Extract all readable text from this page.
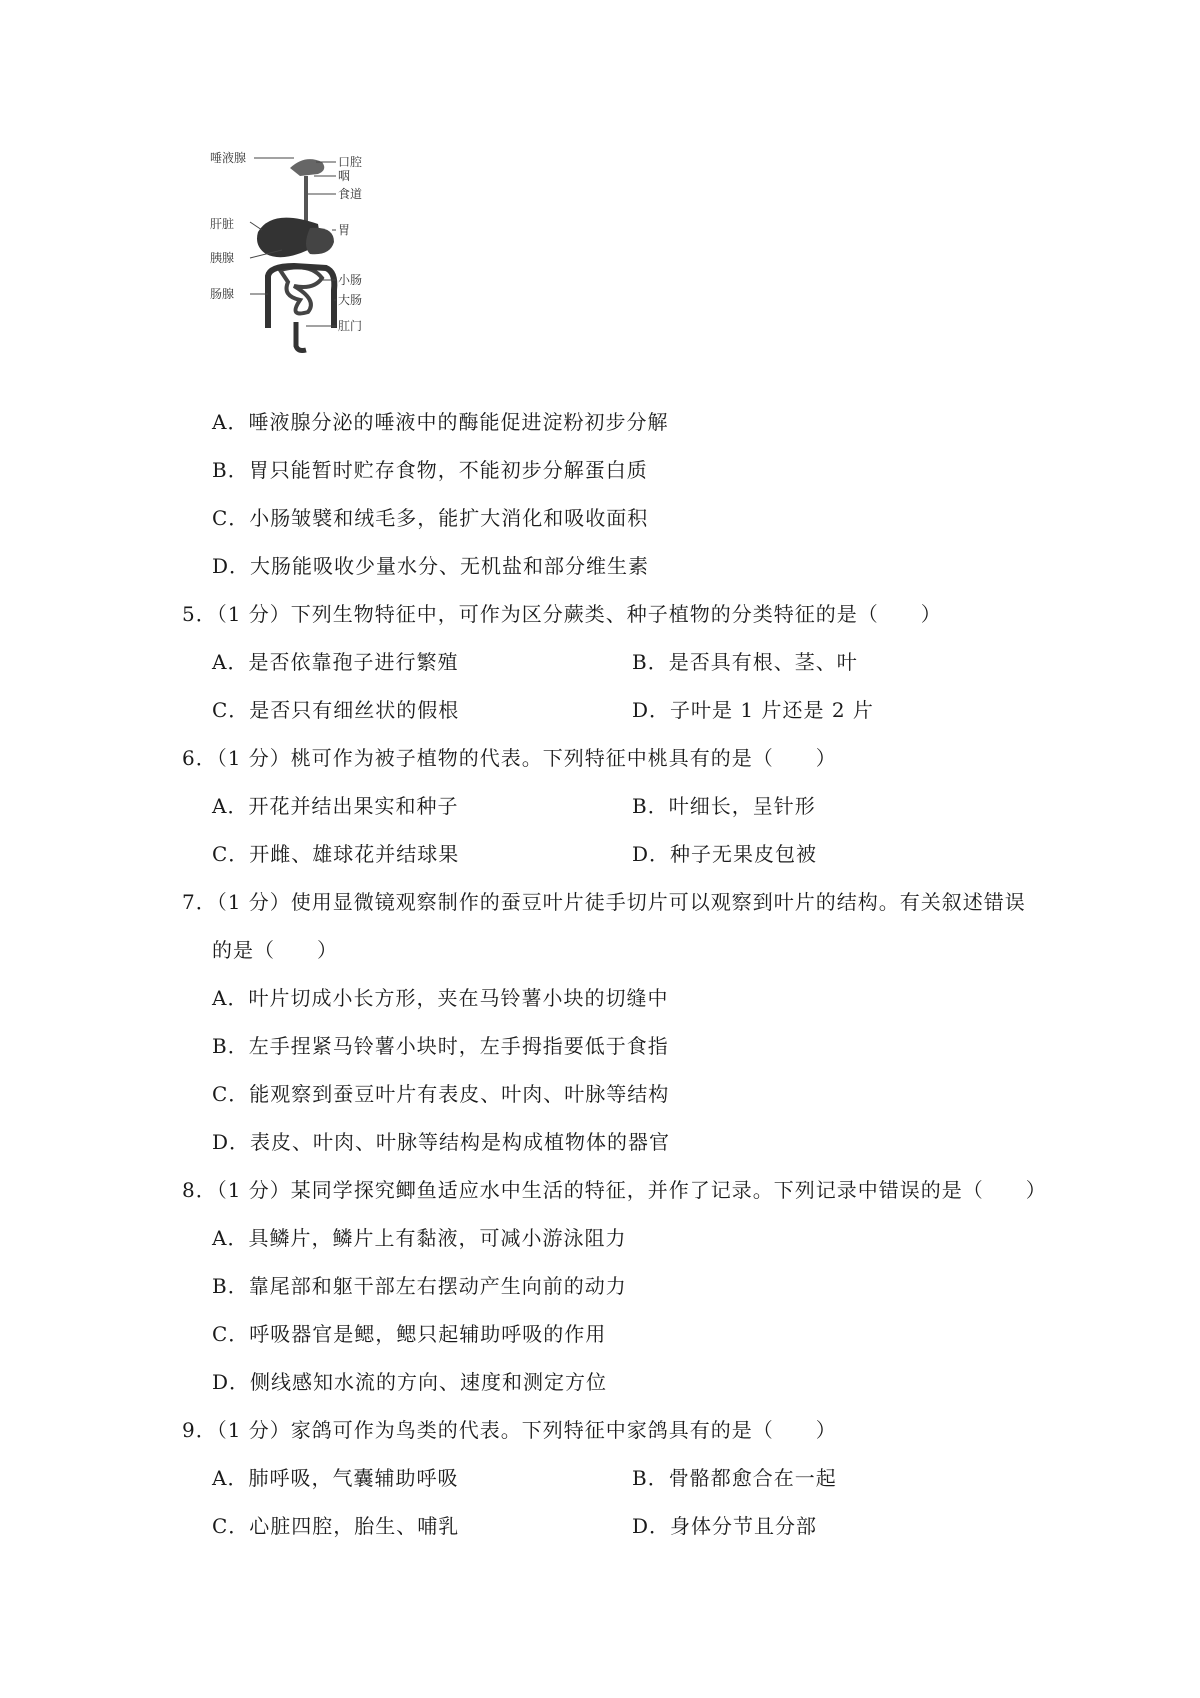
唾液腺
肝脏
胰腺
肠腺
口腔
咽
食道
胃
小肠
大肠
肛门
A．唾液腺分泌的唾液中的酶能促进淀粉初步分解
B．胃只能暂时贮存食物，不能初步分解蛋白质
C．小肠皱襞和绒毛多，能扩大消化和吸收面积
D．大肠能吸收少量水分、无机盐和部分维生素
5．（1 分）下列生物特征中，可作为区分蕨类、种子植物的分类特征的是（　　）
A．是否依靠孢子进行繁殖	B．是否具有根、茎、叶
C．是否只有细丝状的假根	D．子叶是 1 片还是 2 片
6．（1 分）桃可作为被子植物的代表。下列特征中桃具有的是（　　）
A．开花并结出果实和种子	B．叶细长，呈针形
C．开雌、雄球花并结球果	D．种子无果皮包被
7．（1 分）使用显微镜观察制作的蚕豆叶片徒手切片可以观察到叶片的结构。有关叙述错误
的是（　　）
A．叶片切成小长方形，夹在马铃薯小块的切缝中
B．左手捏紧马铃薯小块时，左手拇指要低于食指
C．能观察到蚕豆叶片有表皮、叶肉、叶脉等结构
D．表皮、叶肉、叶脉等结构是构成植物体的器官
8．（1 分）某同学探究鲫鱼适应水中生活的特征，并作了记录。下列记录中错误的是（　　）
A．具鳞片，鳞片上有黏液，可减小游泳阻力
B．靠尾部和躯干部左右摆动产生向前的动力
C．呼吸器官是鳃，鳃只起辅助呼吸的作用
D．侧线感知水流的方向、速度和测定方位
9．（1 分）家鸽可作为鸟类的代表。下列特征中家鸽具有的是（　　）
A．肺呼吸，气囊辅助呼吸	B．骨骼都愈合在一起
C．心脏四腔，胎生、哺乳	D．身体分节且分部
